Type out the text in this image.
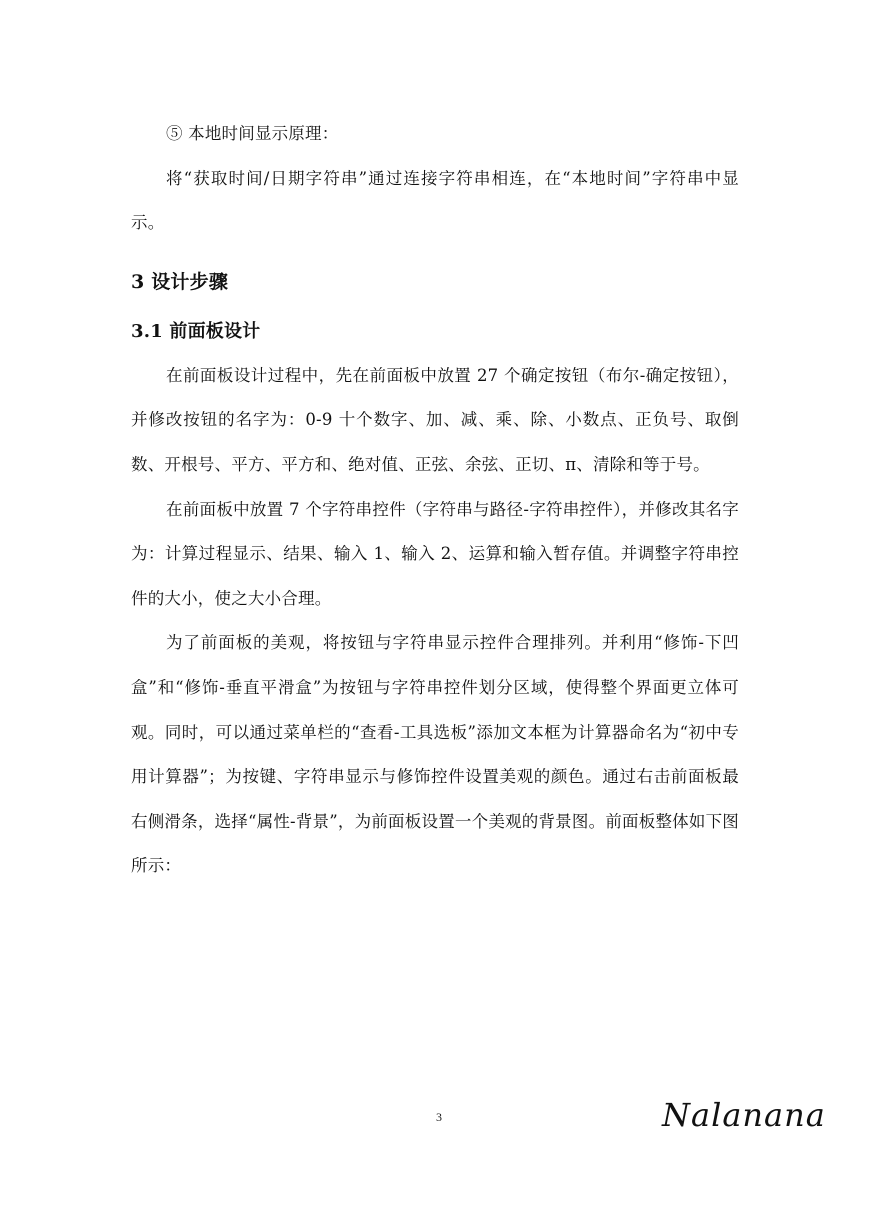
⑤ 本地时间显示原理：

将“获取时间/日期字符串”通过连接字符串相连，在“本地时间”字符串中显示。

3 设计步骤

3.1 前面板设计

在前面板设计过程中，先在前面板中放置 27 个确定按钮（布尔-确定按钮），并修改按钮的名字为：0-9 十个数字、加、减、乘、除、小数点、正负号、取倒数、开根号、平方、平方和、绝对值、正弦、余弦、正切、π、清除和等于号。

在前面板中放置 7 个字符串控件（字符串与路径-字符串控件），并修改其名字为：计算过程显示、结果、输入 1、输入 2、运算和输入暂存值。并调整字符串控件的大小，使之大小合理。

为了前面板的美观，将按钮与字符串显示控件合理排列。并利用“修饰-下凹盒”和“修饰-垂直平滑盒”为按钮与字符串控件划分区域，使得整个界面更立体可观。同时，可以通过菜单栏的“查看-工具选板”添加文本框为计算器命名为“初中专用计算器”；为按键、字符串显示与修饰控件设置美观的颜色。通过右击前面板最右侧滑条，选择“属性-背景”，为前面板设置一个美观的背景图。前面板整体如下图所示：

3	Nalanana
